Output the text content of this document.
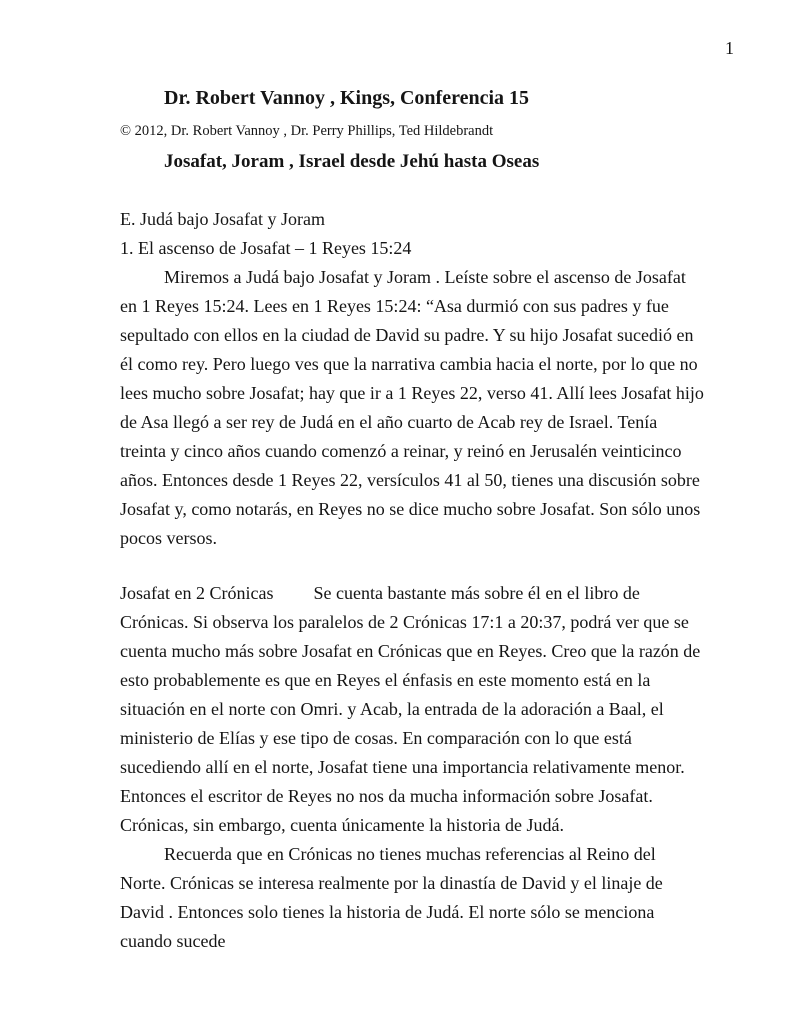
1
Dr. Robert Vannoy , Kings, Conferencia 15
© 2012, Dr. Robert Vannoy , Dr. Perry Phillips, Ted Hildebrandt
Josafat, Joram , Israel desde Jehú hasta Oseas

E. Judá bajo Josafat y Joram

1. El ascenso de Josafat – 1 Reyes 15:24

Miremos a Judá bajo Josafat y Joram . Leíste sobre el ascenso de Josafat en 1 Reyes 15:24. Lees en 1 Reyes 15:24: “Asa durmió con sus padres y fue sepultado con ellos en la ciudad de David su padre. Y su hijo Josafat sucedió en él como rey. Pero luego ves que la narrativa cambia hacia el norte, por lo que no lees mucho sobre Josafat; hay que ir a 1 Reyes 22, verso 41. Allí lees Josafat hijo de Asa llegó a ser rey de Judá en el año cuarto de Acab rey de Israel. Tenía treinta y cinco años cuando comenzó a reinar, y reinó en Jerusalén veinticinco años. Entonces desde 1 Reyes 22, versículos 41 al 50, tienes una discusión sobre Josafat y, como notarás, en Reyes no se dice mucho sobre Josafat. Son sólo unos pocos versos.

Josafat en 2 Crónicas Se cuenta bastante más sobre él en el libro de Crónicas. Si observa los paralelos de 2 Crónicas 17:1 a 20:37, podrá ver que se cuenta mucho más sobre Josafat en Crónicas que en Reyes. Creo que la razón de esto probablemente es que en Reyes el énfasis en este momento está en la situación en el norte con Omri. y Acab, la entrada de la adoración a Baal, el ministerio de Elías y ese tipo de cosas. En comparación con lo que está sucediendo allí en el norte, Josafat tiene una importancia relativamente menor. Entonces el escritor de Reyes no nos da mucha información sobre Josafat. Crónicas, sin embargo, cuenta únicamente la historia de Judá.

Recuerda que en Crónicas no tienes muchas referencias al Reino del Norte. Crónicas se interesa realmente por la dinastía de David y el linaje de David . Entonces solo tienes la historia de Judá. El norte sólo se menciona cuando sucede
